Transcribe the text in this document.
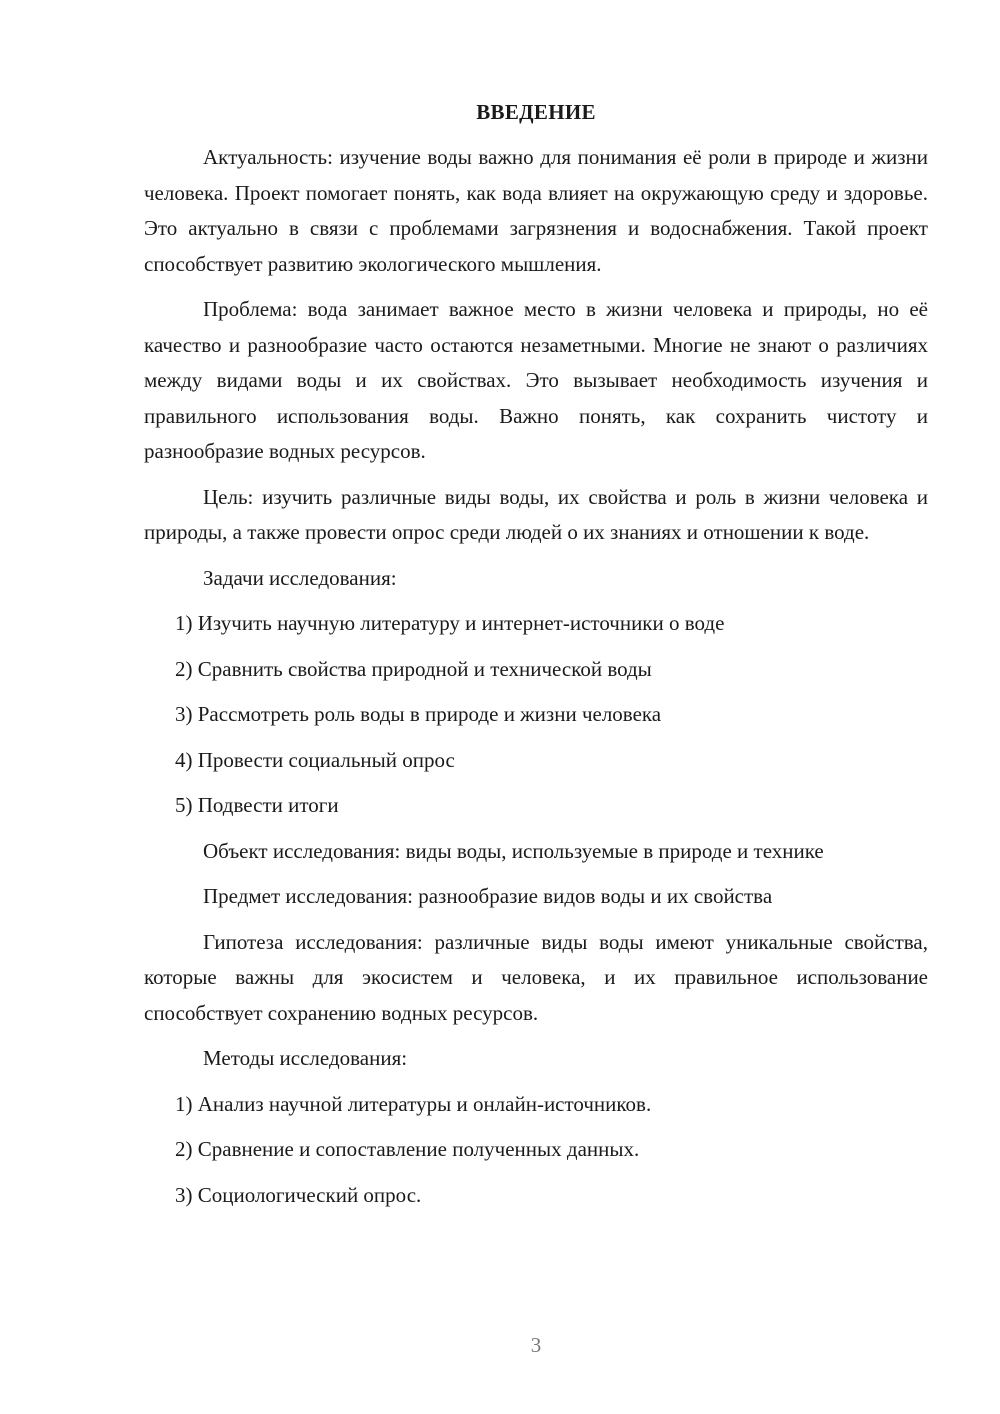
ВВЕДЕНИЕ

Актуальность: изучение воды важно для понимания её роли в природе и жизни человека. Проект помогает понять, как вода влияет на окружающую среду и здоровье. Это актуально в связи с проблемами загрязнения и водоснабжения. Такой проект способствует развитию экологического мышления.

Проблема: вода занимает важное место в жизни человека и природы, но её качество и разнообразие часто остаются незаметными. Многие не знают о различиях между видами воды и их свойствах. Это вызывает необходимость изучения и правильного использования воды. Важно понять, как сохранить чистоту и разнообразие водных ресурсов.

Цель: изучить различные виды воды, их свойства и роль в жизни человека и природы, а также провести опрос среди людей о их знаниях и отношении к воде.

Задачи исследования:

1) Изучить научную литературу и интернет-источники о воде
2) Сравнить свойства природной и технической воды
3) Рассмотреть роль воды в природе и жизни человека
4) Провести социальный опрос
5) Подвести итоги

Объект исследования: виды воды, используемые в природе и технике

Предмет исследования: разнообразие видов воды и их свойства

Гипотеза исследования: различные виды воды имеют уникальные свойства, которые важны для экосистем и человека, и их правильное использование способствует сохранению водных ресурсов.

Методы исследования:

1) Анализ научной литературы и онлайн-источников.
2) Сравнение и сопоставление полученных данных.
3) Социологический опрос.
3
